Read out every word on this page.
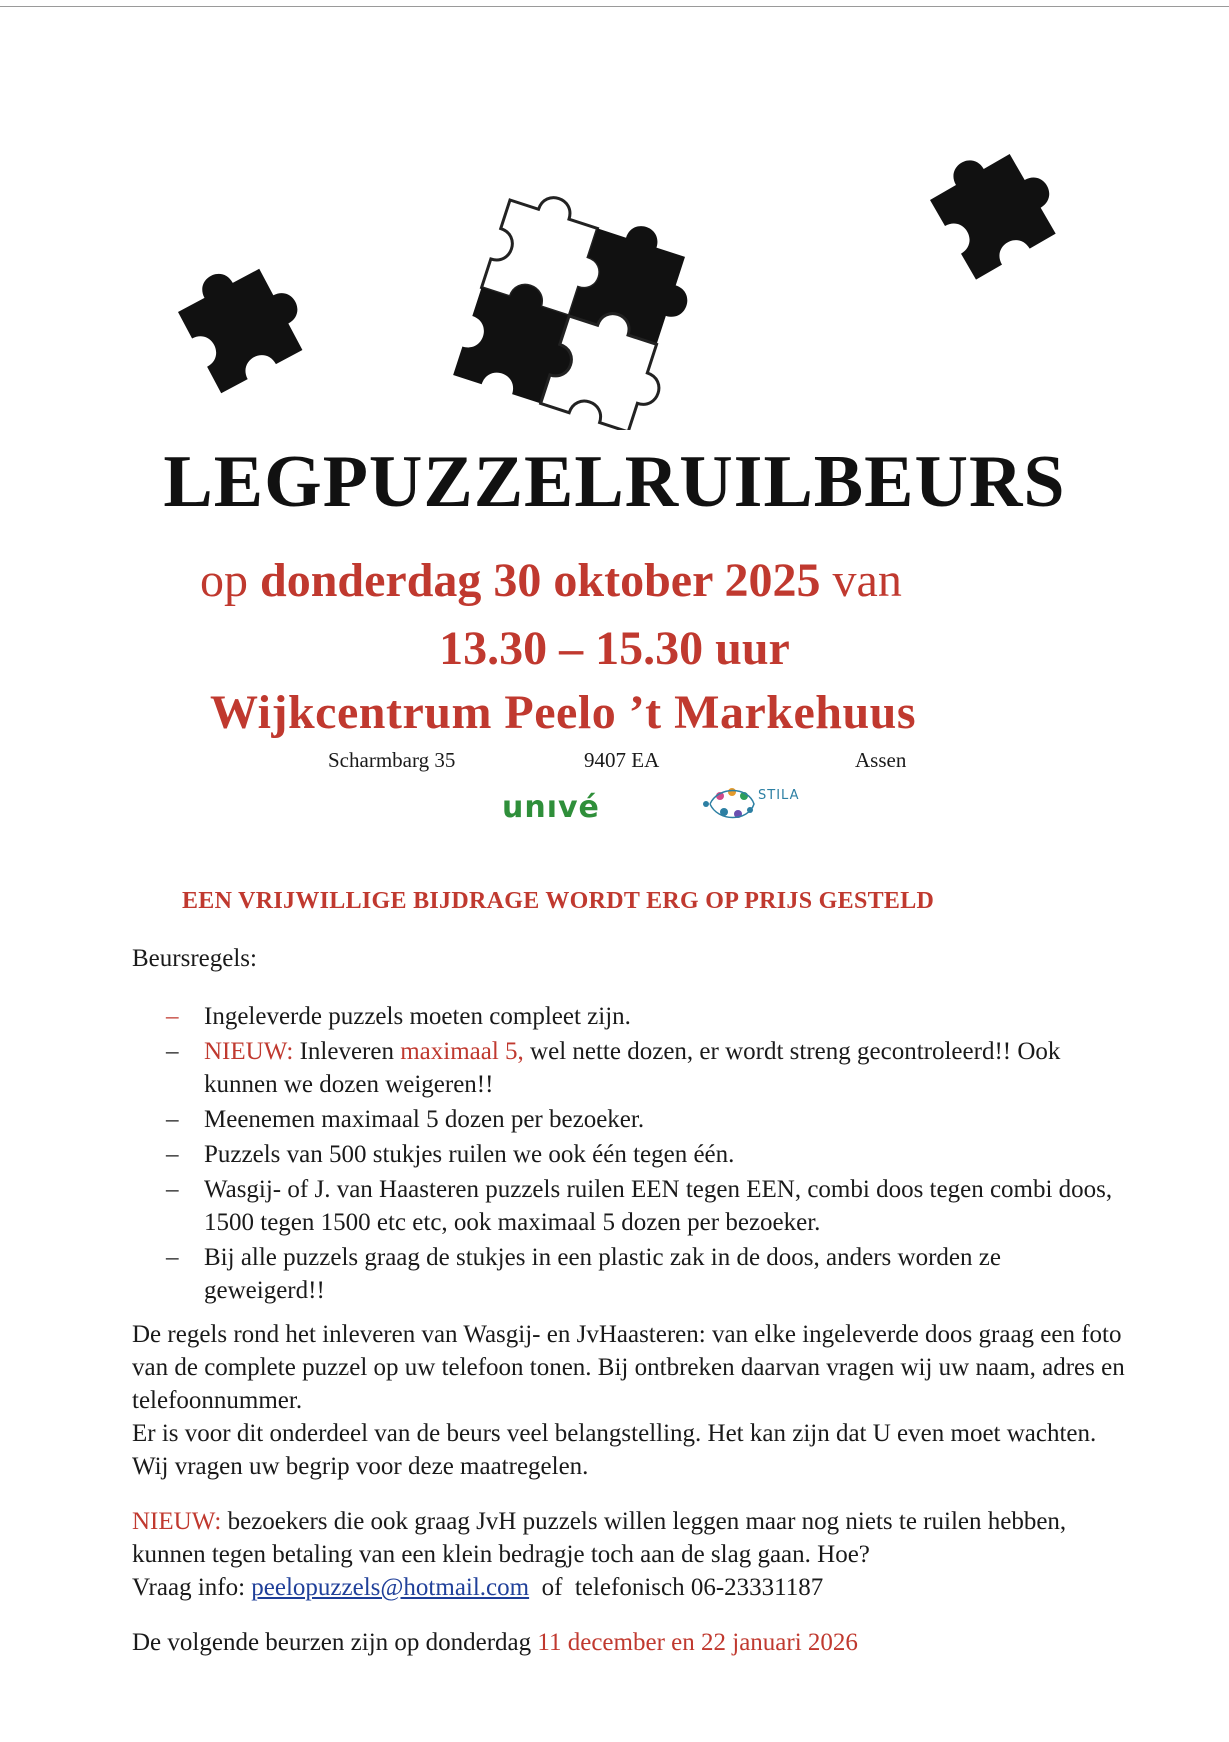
LEGPUZZELRUILBEURS
op donderdag 30 oktober 2025 van
13.30 – 15.30 uur
Wijkcentrum Peelo ’t Markehuus
Scharmbarg 35	9407 EA	Assen
unıvé	STILA
EEN VRIJWILLIGE BIJDRAGE WORDT ERG OP PRIJS GESTELD
Beursregels:
– Ingeleverde puzzels moeten compleet zijn.
– NIEUW: Inleveren maximaal 5, wel nette dozen, er wordt streng gecontroleerd!! Ook kunnen we dozen weigeren!!
– Meenemen maximaal 5 dozen per bezoeker.
– Puzzels van 500 stukjes ruilen we ook één tegen één.
– Wasgij- of J. van Haasteren puzzels ruilen EEN tegen EEN, combi doos tegen combi doos, 1500 tegen 1500 etc etc, ook maximaal 5 dozen per bezoeker.
– Bij alle puzzels graag de stukjes in een plastic zak in de doos, anders worden ze geweigerd!!
De regels rond het inleveren van Wasgij- en JvHaasteren: van elke ingeleverde doos graag een foto van de complete puzzel op uw telefoon tonen. Bij ontbreken daarvan vragen wij uw naam, adres en telefoonnummer.
Er is voor dit onderdeel van de beurs veel belangstelling. Het kan zijn dat U even moet wachten. Wij vragen uw begrip voor deze maatregelen.
NIEUW: bezoekers die ook graag JvH puzzels willen leggen maar nog niets te ruilen hebben, kunnen tegen betaling van een klein bedragje toch aan de slag gaan. Hoe?
Vraag info: peelopuzzels@hotmail.com  of  telefonisch 06-23331187
De volgende beurzen zijn op donderdag 11 december en 22 januari 2026
